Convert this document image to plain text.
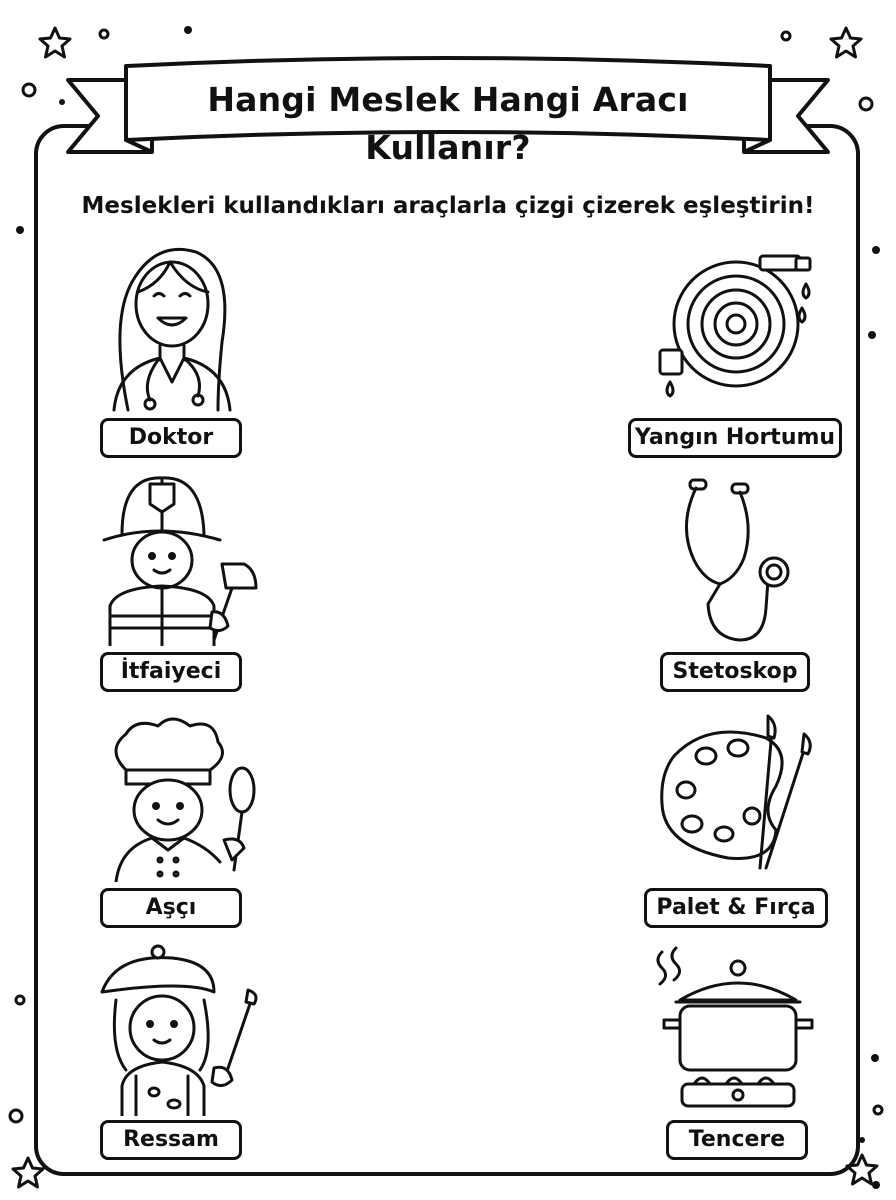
Hangi Meslek Hangi Aracı Kullanır?
Meslekleri kullandıkları araçlarla çizgi çizerek eşleştirin!
Doktor
İtfaiyeci
Aşçı
Ressam
Yangın Hortumu
Stetoskop
Palet & Fırça
Tencere
